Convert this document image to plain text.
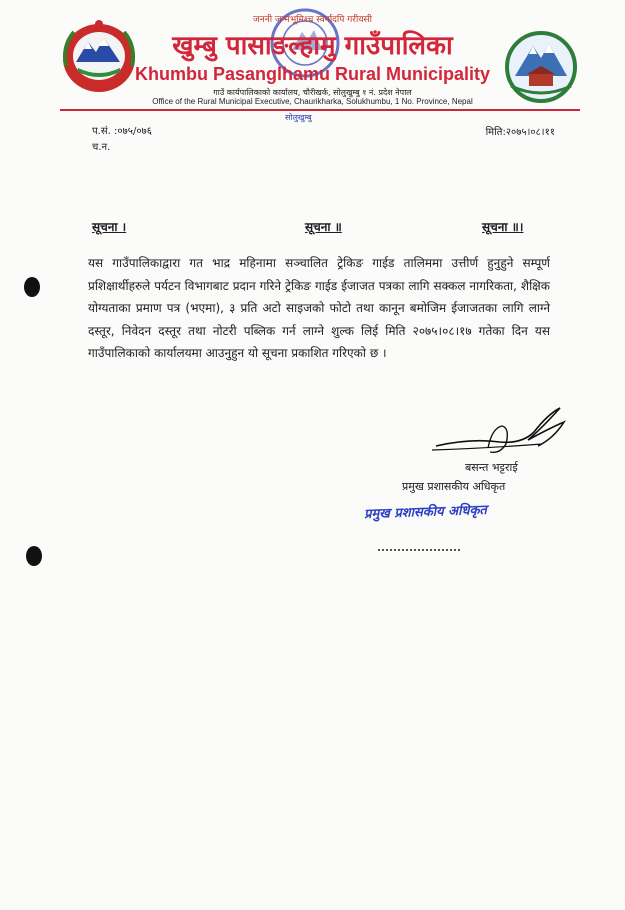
जननी जन्मभूमिश्च स्वर्गादपि गरीयसी
खुम्बु पासाङल्हामु गाउँपालिका
Khumbu Pasanglhamu Rural Municipality
गाउँ कार्यपालिकाको कार्यालय, चौरीखर्क, सोलुखुम्बु १ नं. प्रदेश नेपाल
Office of the Rural Municipal Executive, Chaurikharka, Solukhumbu, 1 No. Province, Nepal
सोलुखुम्बु
प.सं. :०७५/०७६
च.न.
मिति:२०७५।०८।११
सूचना ।	सूचना ॥	सूचना ॥।
यस गाउँपालिकाद्वारा गत भाद्र महिनामा सञ्चालित ट्रेकिङ गाईड तालिममा उत्तीर्ण हुनुहुने सम्पूर्ण प्रशिक्षार्थीहरुले पर्यटन विभागबाट प्रदान गरिने ट्रेकिङ गाईड ईजाजत पत्रका लागि सक्कल नागरिकता, शैक्षिक योग्यताका प्रमाण पत्र (भएमा), ३ प्रति अटो साइजको फोटो तथा कानून बमोजिम ईजाजतका लागि लाग्ने दस्तूर, निवेदन दस्तूर तथा नोटरी पब्लिक गर्न लाग्ने शुल्क लिई मिति २०७५।०८।१७ गतेका दिन यस गाउँपालिकाको कार्यालयमा आउनुहुन यो सूचना प्रकाशित गरिएको छ ।
बसन्त भट्टराई
प्रमुख प्रशासकीय अधिकृत
प्रमुख प्रशासकीय अधिकृत
